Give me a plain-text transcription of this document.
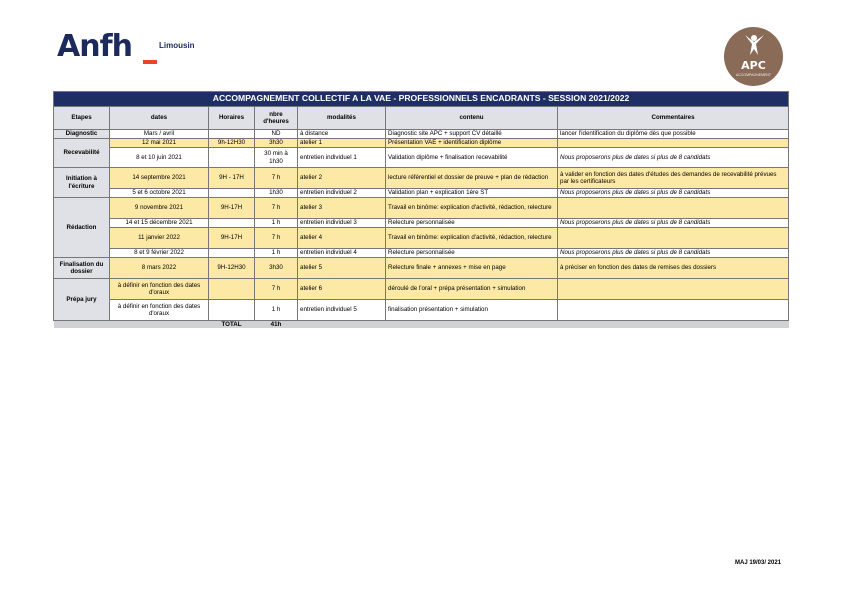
Anfh	Limousin
APC
ACCOMPAGNEMENT
ACCOMPAGNEMENT COLLECTIF A LA VAE - PROFESSIONNELS ENCADRANTS - SESSION 2021/2022						
Etapes	dates	Horaires	nbre d'heures	modalités	contenu	Commentaires
Diagnostic	Mars / avril		ND	à distance	Diagnostic site APC + support CV détaillé	lancer l'identification du diplôme dès que possible
Recevabilité	12 mai 2021	9h-12H30	3h30	atelier 1	Présentation VAE + identification diplôme	
	8 et 10 juin 2021		30 min à 1h30	entretien individuel 1	Validation diplôme + finalisation recevabilité	Nous proposerons plus de dates si plus de 8 candidats
Initiation à l'écriture	14 septembre 2021	9H - 17H	7 h	atelier 2	lecture référentiel et dossier de preuve + plan de rédaction	à valider en fonction des dates d'études des demandes de recevabilité prévues par les certificateurs
	5 et 6 octobre 2021		1h30	entretien individuel 2	Validation plan + explication 1ère ST	Nous proposerons plus de dates si plus de 8 candidats
Rédaction	9 novembre 2021	9H-17H	7 h	atelier 3	Travail en binôme: explication d'activité, rédaction, relecture	
	14 et 15 décembre 2021		1 h	entretien individuel 3	Relecture personnalisée	Nous proposerons plus de dates si plus de 8 candidats
	11 janvier 2022	9H-17H	7 h	atelier 4	Travail en binôme: explication d'activité, rédaction, relecture	
	8 et 9 février 2022		1 h	entretien individuel 4	Relecture personnalisée	Nous proposerons plus de dates si plus de 8 candidats
Finalisation du dossier	8 mars 2022	9H-12H30	3h30	atelier 5	Relecture finale + annexes + mise en page	à préciser en fonction des dates de remises des dossiers
Prépa jury	à définir en fonction des dates d'oraux		7 h	atelier 6	déroulé de l'oral + prépa présentation + simulation	
	à définir en fonction des dates d'oraux		1 h	entretien individuel 5	finalisation présentation + simulation	
		TOTAL	41h			
MAJ 19/03/ 2021
